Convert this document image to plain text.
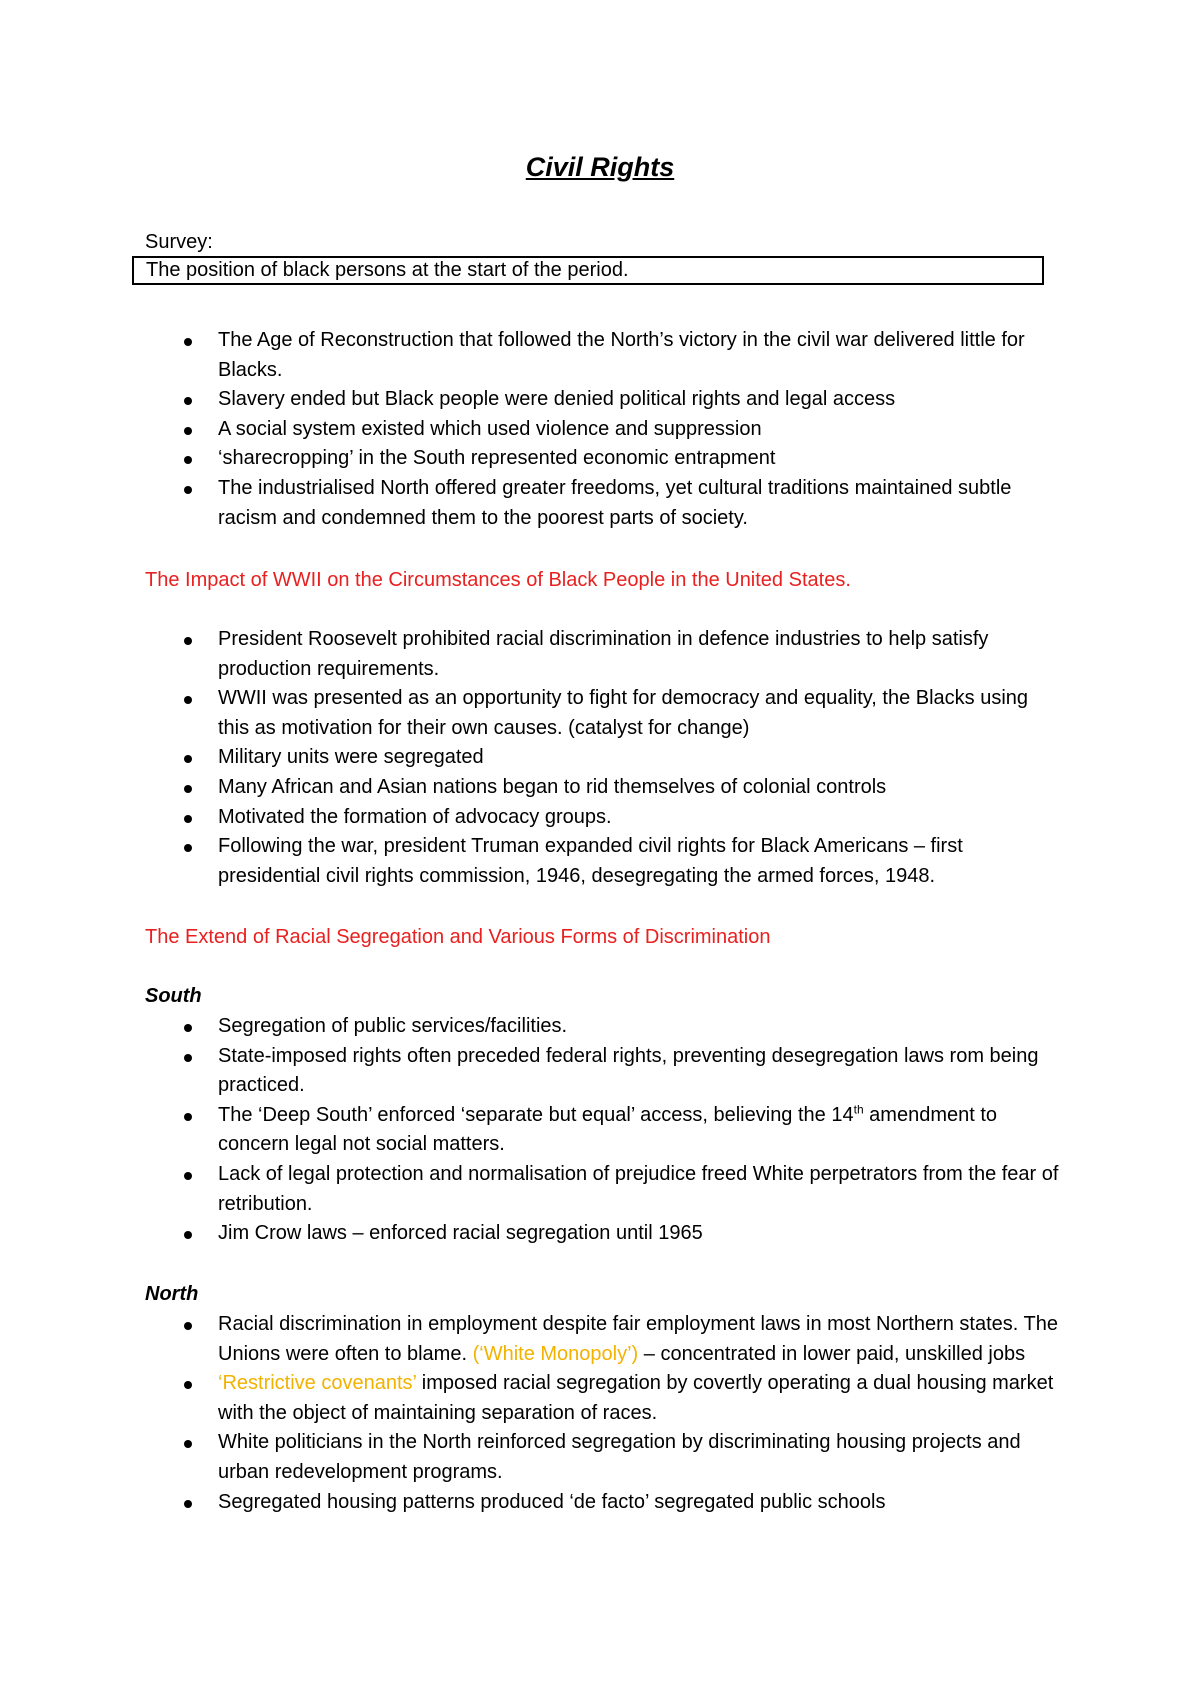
Civil Rights
Survey:
The position of black persons at the start of the period.
The Age of Reconstruction that followed the North’s victory in the civil war delivered little for Blacks.
Slavery ended but Black people were denied political rights and legal access
A social system existed which used violence and suppression
‘sharecropping’ in the South represented economic entrapment
The industrialised North offered greater freedoms, yet cultural traditions maintained subtle racism and condemned them to the poorest parts of society.
The Impact of WWII on the Circumstances of Black People in the United States.
President Roosevelt prohibited racial discrimination in defence industries to help satisfy production requirements.
WWII was presented as an opportunity to fight for democracy and equality, the Blacks using this as motivation for their own causes. (catalyst for change)
Military units were segregated
Many African and Asian nations began to rid themselves of colonial controls
Motivated the formation of advocacy groups.
Following the war, president Truman expanded civil rights for Black Americans – first presidential civil rights commission, 1946, desegregating the armed forces, 1948.
The Extend of Racial Segregation and Various Forms of Discrimination
South
Segregation of public services/facilities.
State-imposed rights often preceded federal rights, preventing desegregation laws rom being practiced.
The ‘Deep South’ enforced ‘separate but equal’ access, believing the 14th amendment to concern legal not social matters.
Lack of legal protection and normalisation of prejudice freed White perpetrators from the fear of retribution.
Jim Crow laws – enforced racial segregation until 1965
North
Racial discrimination in employment despite fair employment laws in most Northern states. The Unions were often to blame. (‘White Monopoly’) – concentrated in lower paid, unskilled jobs
‘Restrictive covenants’ imposed racial segregation by covertly operating a dual housing market with the object of maintaining separation of races.
White politicians in the North reinforced segregation by discriminating housing projects and urban redevelopment programs.
Segregated housing patterns produced ‘de facto’ segregated public schools
